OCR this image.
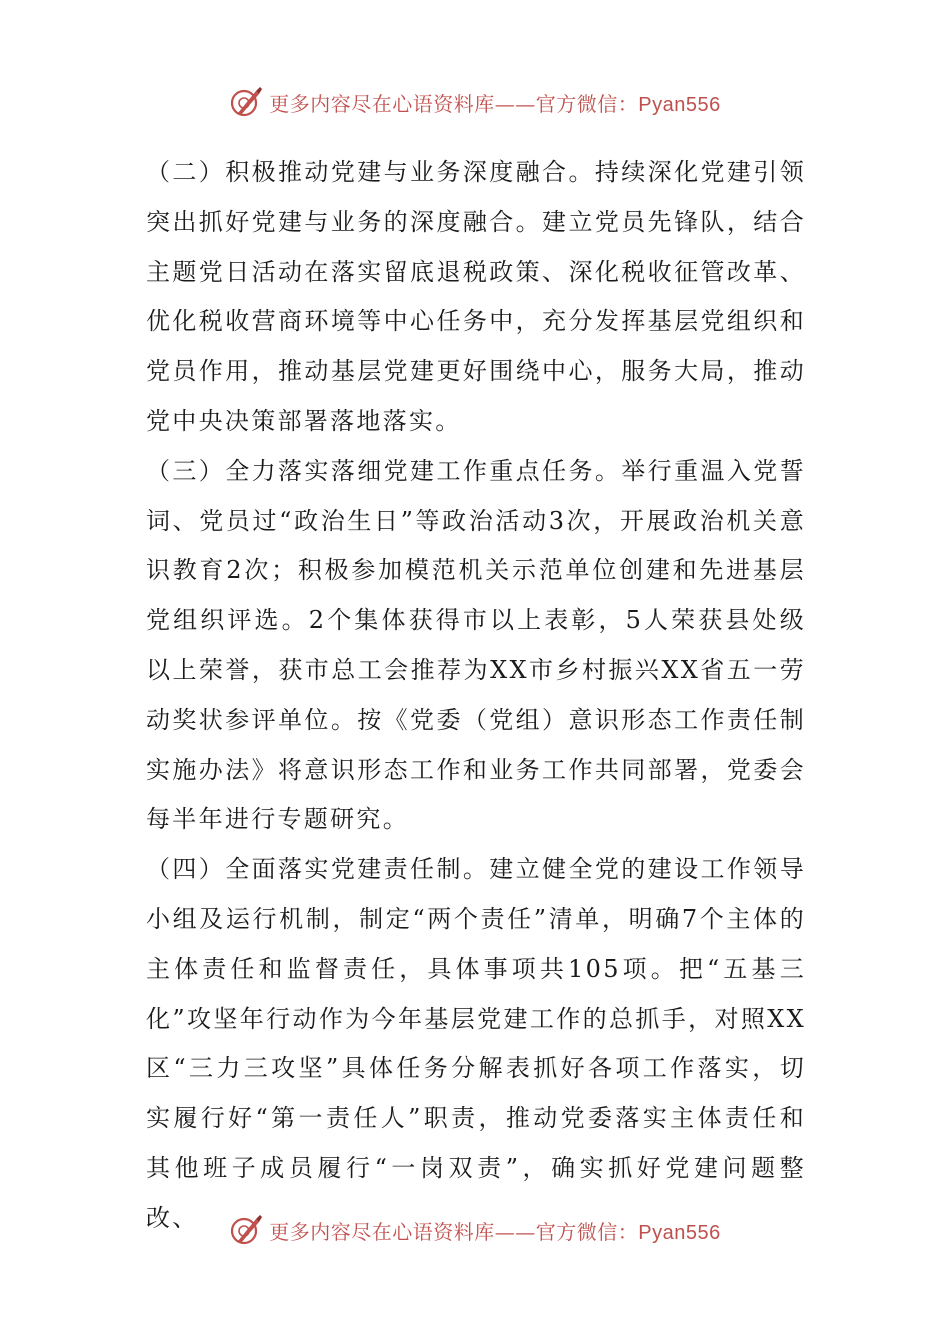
更多内容尽在心语资料库——官方微信：Pyan556

（二）积极推动党建与业务深度融合。持续深化党建引领突出抓好党建与业务的深度融合。建立党员先锋队，结合主题党日活动在落实留底退税政策、深化税收征管改革、优化税收营商环境等中心任务中，充分发挥基层党组织和党员作用，推动基层党建更好围绕中心，服务大局，推动党中央决策部署落地落实。

（三）全力落实落细党建工作重点任务。举行重温入党誓词、党员过“政治生日”等政治活动3次，开展政治机关意识教育2次；积极参加模范机关示范单位创建和先进基层党组织评选。2个集体获得市以上表彰，5人荣获县处级以上荣誉，获市总工会推荐为XX市乡村振兴XX省五一劳动奖状参评单位。按《党委（党组）意识形态工作责任制实施办法》将意识形态工作和业务工作共同部署，党委会每半年进行专题研究。

（四）全面落实党建责任制。建立健全党的建设工作领导小组及运行机制，制定“两个责任”清单，明确7个主体的主体责任和监督责任，具体事项共105项。把“五基三化”攻坚年行动作为今年基层党建工作的总抓手，对照XX区“三力三攻坚”具体任务分解表抓好各项工作落实，切实履行好“第一责任人”职责，推动党委落实主体责任和其他班子成员履行“一岗双责”，确实抓好党建问题整改、	更多内容尽在心语资料库——官方微信：Pyan556
